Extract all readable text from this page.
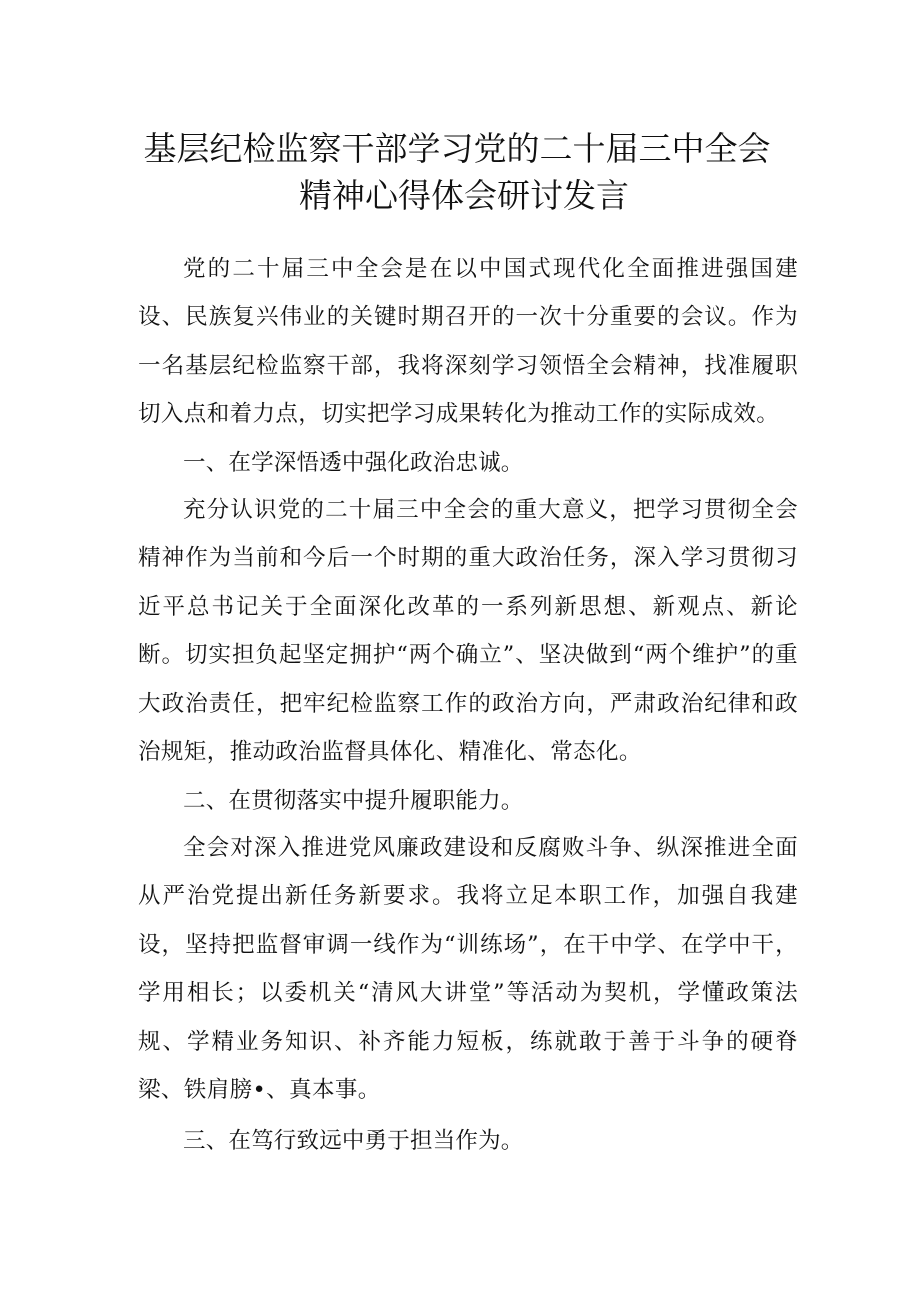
基层纪检监察干部学习党的二十届三中全会
精神心得体会研讨发言

党的二十届三中全会是在以中国式现代化全面推进强国建设、民族复兴伟业的关键时期召开的一次十分重要的会议。作为一名基层纪检监察干部，我将深刻学习领悟全会精神，找准履职切入点和着力点，切实把学习成果转化为推动工作的实际成效。

一、在学深悟透中强化政治忠诚。

充分认识党的二十届三中全会的重大意义，把学习贯彻全会精神作为当前和今后一个时期的重大政治任务，深入学习贯彻习近平总书记关于全面深化改革的一系列新思想、新观点、新论断。切实担负起坚定拥护“两个确立”、坚决做到“两个维护”的重大政治责任，把牢纪检监察工作的政治方向，严肃政治纪律和政治规矩，推动政治监督具体化、精准化、常态化。

二、在贯彻落实中提升履职能力。

全会对深入推进党风廉政建设和反腐败斗争、纵深推进全面从严治党提出新任务新要求。我将立足本职工作，加强自我建设，坚持把监督审调一线作为“训练场”，在干中学、在学中干，学用相长；以委机关“清风大讲堂”等活动为契机，学懂政策法规、学精业务知识、补齐能力短板，练就敢于善于斗争的硬脊梁、铁肩膀•、真本事。

三、在笃行致远中勇于担当作为。
